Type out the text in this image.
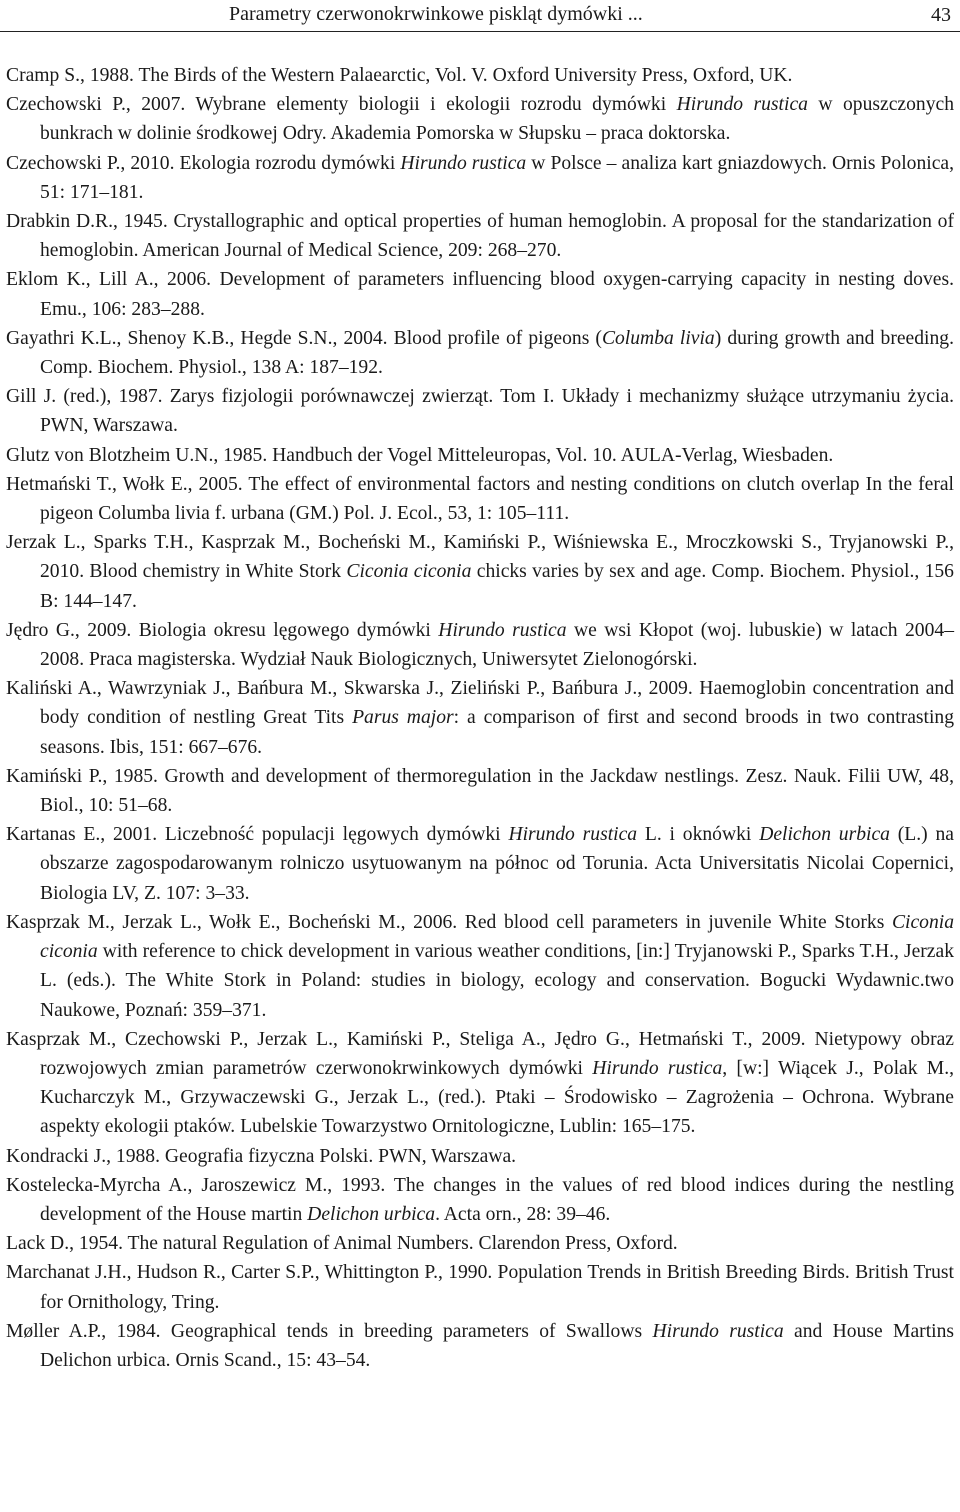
Parametry czerwonokrwinkowe piskląt dymówki ...	43
Cramp S., 1988. The Birds of the Western Palaearctic, Vol. V. Oxford University Press, Oxford, UK.
Czechowski P., 2007. Wybrane elementy biologii i ekologii rozrodu dymówki Hirundo rustica w opuszczonych bunkrach w dolinie środkowej Odry. Akademia Pomorska w Słupsku – praca doktorska.
Czechowski P., 2010. Ekologia rozrodu dymówki Hirundo rustica w Polsce – analiza kart gniazdowych. Ornis Polonica, 51: 171–181.
Drabkin D.R., 1945. Crystallographic and optical properties of human hemoglobin. A proposal for the standarization of hemoglobin. American Journal of Medical Science, 209: 268–270.
Eklom K., Lill A., 2006. Development of parameters influencing blood oxygen-carrying capacity in nesting doves. Emu., 106: 283–288.
Gayathri K.L., Shenoy K.B., Hegde S.N., 2004. Blood profile of pigeons (Columba livia) during growth and breeding. Comp. Biochem. Physiol., 138 A: 187–192.
Gill J. (red.), 1987. Zarys fizjologii porównawczej zwierząt. Tom I. Układy i mechanizmy służące utrzymaniu życia. PWN, Warszawa.
Glutz von Blotzheim U.N., 1985. Handbuch der Vogel Mitteleuropas, Vol. 10. AULA-Verlag, Wiesbaden.
Hetmański T., Wołk E., 2005. The effect of environmental factors and nesting conditions on clutch overlap In the feral pigeon Columba livia f. urbana (GM.) Pol. J. Ecol., 53, 1: 105–111.
Jerzak L., Sparks T.H., Kasprzak M., Bocheński M., Kamiński P., Wiśniewska E., Mroczkowski S., Tryjanowski P., 2010. Blood chemistry in White Stork Ciconia ciconia chicks varies by sex and age. Comp. Biochem. Physiol., 156 B: 144–147.
Jędro G., 2009. Biologia okresu lęgowego dymówki Hirundo rustica we wsi Kłopot (woj. lubuskie) w latach 2004–2008. Praca magisterska. Wydział Nauk Biologicznych, Uniwersytet Zielonogórski.
Kaliński A., Wawrzyniak J., Bańbura M., Skwarska J., Zieliński P., Bańbura J., 2009. Haemoglobin concentration and body condition of nestling Great Tits Parus major: a comparison of first and second broods in two contrasting seasons. Ibis, 151: 667–676.
Kamiński P., 1985. Growth and development of thermoregulation in the Jackdaw nestlings. Zesz. Nauk. Filii UW, 48, Biol., 10: 51–68.
Kartanas E., 2001. Liczebność populacji lęgowych dymówki Hirundo rustica L. i oknówki Delichon urbica (L.) na obszarze zagospodarowanym rolniczo usytuowanym na północ od Torunia. Acta Universitatis Nicolai Copernici, Biologia LV, Z. 107: 3–33.
Kasprzak M., Jerzak L., Wołk E., Bocheński M., 2006. Red blood cell parameters in juvenile White Storks Ciconia ciconia with reference to chick development in various weather conditions, [in:] Tryjanowski P., Sparks T.H., Jerzak L. (eds.). The White Stork in Poland: studies in biology, ecology and conservation. Bogucki Wydawnic.two Naukowe, Poznań: 359–371.
Kasprzak M., Czechowski P., Jerzak L., Kamiński P., Steliga A., Jędro G., Hetmański T., 2009. Nietypowy obraz rozwojowych zmian parametrów czerwonokrwinkowych dymówki Hirundo rustica, [w:] Wiącek J., Polak M., Kucharczyk M., Grzywaczewski G., Jerzak L., (red.). Ptaki – Środowisko – Zagrożenia – Ochrona. Wybrane aspekty ekologii ptaków. Lubelskie Towarzystwo Ornitologiczne, Lublin: 165–175.
Kondracki J., 1988. Geografia fizyczna Polski. PWN, Warszawa.
Kostelecka-Myrcha A., Jaroszewicz M., 1993. The changes in the values of red blood indices during the nestling development of the House martin Delichon urbica. Acta orn., 28: 39–46.
Lack D., 1954. The natural Regulation of Animal Numbers. Clarendon Press, Oxford.
Marchanat J.H., Hudson R., Carter S.P., Whittington P., 1990. Population Trends in British Breeding Birds. British Trust for Ornithology, Tring.
Møller A.P., 1984. Geographical tends in breeding parameters of Swallows Hirundo rustica and House Martins Delichon urbica. Ornis Scand., 15: 43–54.
